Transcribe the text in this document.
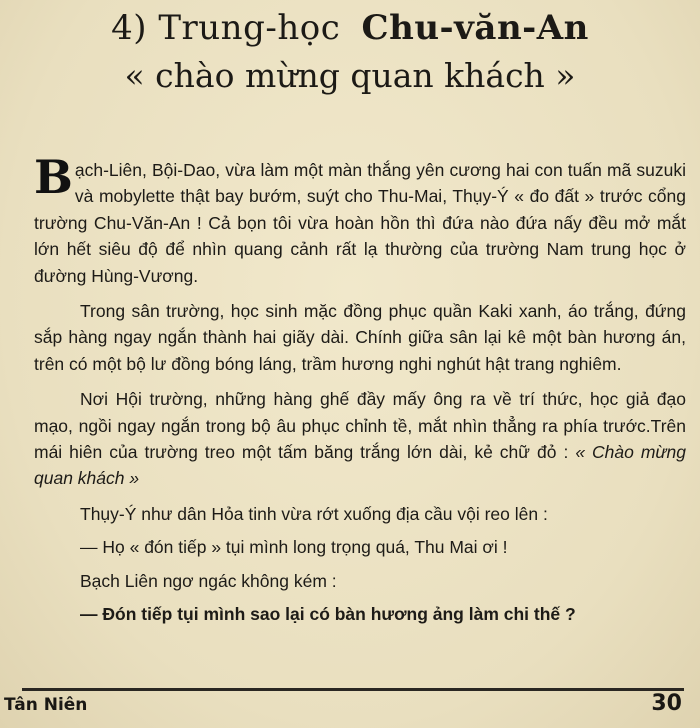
4) Trung-học Chu-văn-An
« chào mừng quan khách »

Bạch-Liên, Bội-Dao, vừa làm một màn thắng yên cương hai con tuấn mã suzuki và mobylette thật bay bướm, suýt cho Thu-Mai, Thụy-Ý « đo đất » trước cổng trường Chu-Văn-An ! Cả bọn tôi vừa hoàn hồn thì đứa nào đứa nấy đều mở mắt lớn hết siêu độ để nhìn quang cảnh rất lạ thường của trường Nam trung học ở đường Hùng-Vương.

Trong sân trường, học sinh mặc đồng phục quần Kaki xanh, áo trắng, đứng sắp hàng ngay ngắn thành hai giãy dài. Chính giữa sân lại kê một bàn hương án, trên có một bộ lư đồng bóng láng, trầm hương nghi nghút hật trang nghiêm.

Nơi Hội trường, những hàng ghế đầy mấy ông ra về trí thức, học giả đạo mạo, ngồi ngay ngắn trong bộ âu phục chỉnh tề, mắt nhìn thẳng ra phía trước.Trên mái hiên của trường treo một tấm băng trắng lớn dài, kẻ chữ đỏ : « Chào mừng quan khách »

Thụy-Ý như dân Hỏa tinh vừa rớt xuống địa cầu vội reo lên :

— Họ « đón tiếp » tụi mình long trọng quá, Thu Mai ơi !

Bạch Liên ngơ ngác không kém :

— Đón tiếp tụi mình sao lại có bàn hương ảng làm chi thế ?

Tân Niên	30
